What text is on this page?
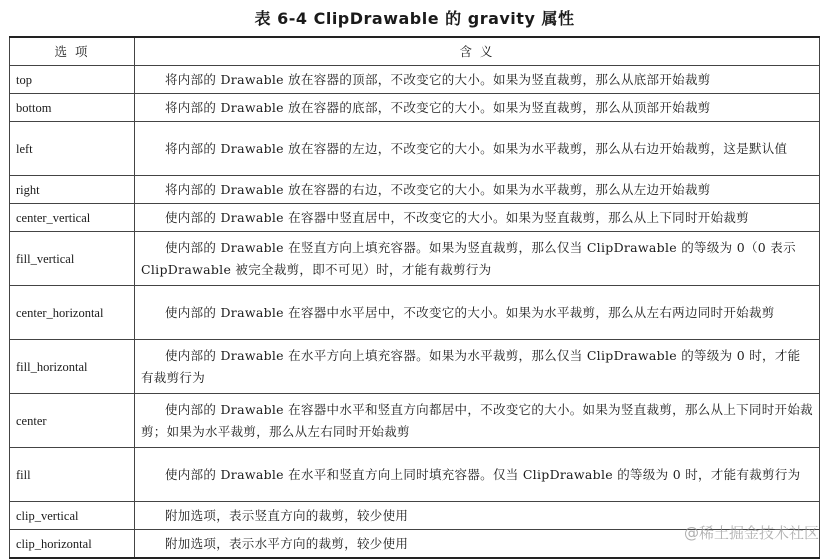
表 6-4 ClipDrawable 的 gravity 属性
选 项	含 义
top	将内部的 Drawable 放在容器的顶部，不改变它的大小。如果为竖直裁剪，那么从底部开始裁剪
bottom	将内部的 Drawable 放在容器的底部，不改变它的大小。如果为竖直裁剪，那么从顶部开始裁剪
left	将内部的 Drawable 放在容器的左边，不改变它的大小。如果为水平裁剪，那么从右边开始裁剪，这是默认值
right	将内部的 Drawable 放在容器的右边，不改变它的大小。如果为水平裁剪，那么从左边开始裁剪
center_vertical	使内部的 Drawable 在容器中竖直居中，不改变它的大小。如果为竖直裁剪，那么从上下同时开始裁剪
fill_vertical	使内部的 Drawable 在竖直方向上填充容器。如果为竖直裁剪，那么仅当 ClipDrawable 的等级为 0（0 表示 ClipDrawable 被完全裁剪，即不可见）时，才能有裁剪行为
center_horizontal	使内部的 Drawable 在容器中水平居中，不改变它的大小。如果为水平裁剪，那么从左右两边同时开始裁剪
fill_horizontal	使内部的 Drawable 在水平方向上填充容器。如果为水平裁剪，那么仅当 ClipDrawable 的等级为 0 时，才能有裁剪行为
center	使内部的 Drawable 在容器中水平和竖直方向都居中，不改变它的大小。如果为竖直裁剪，那么从上下同时开始裁剪；如果为水平裁剪，那么从左右同时开始裁剪
fill	使内部的 Drawable 在水平和竖直方向上同时填充容器。仅当 ClipDrawable 的等级为 0 时，才能有裁剪行为
clip_vertical	附加选项，表示竖直方向的裁剪，较少使用
clip_horizontal	附加选项，表示水平方向的裁剪，较少使用
@稀土掘金技术社区
